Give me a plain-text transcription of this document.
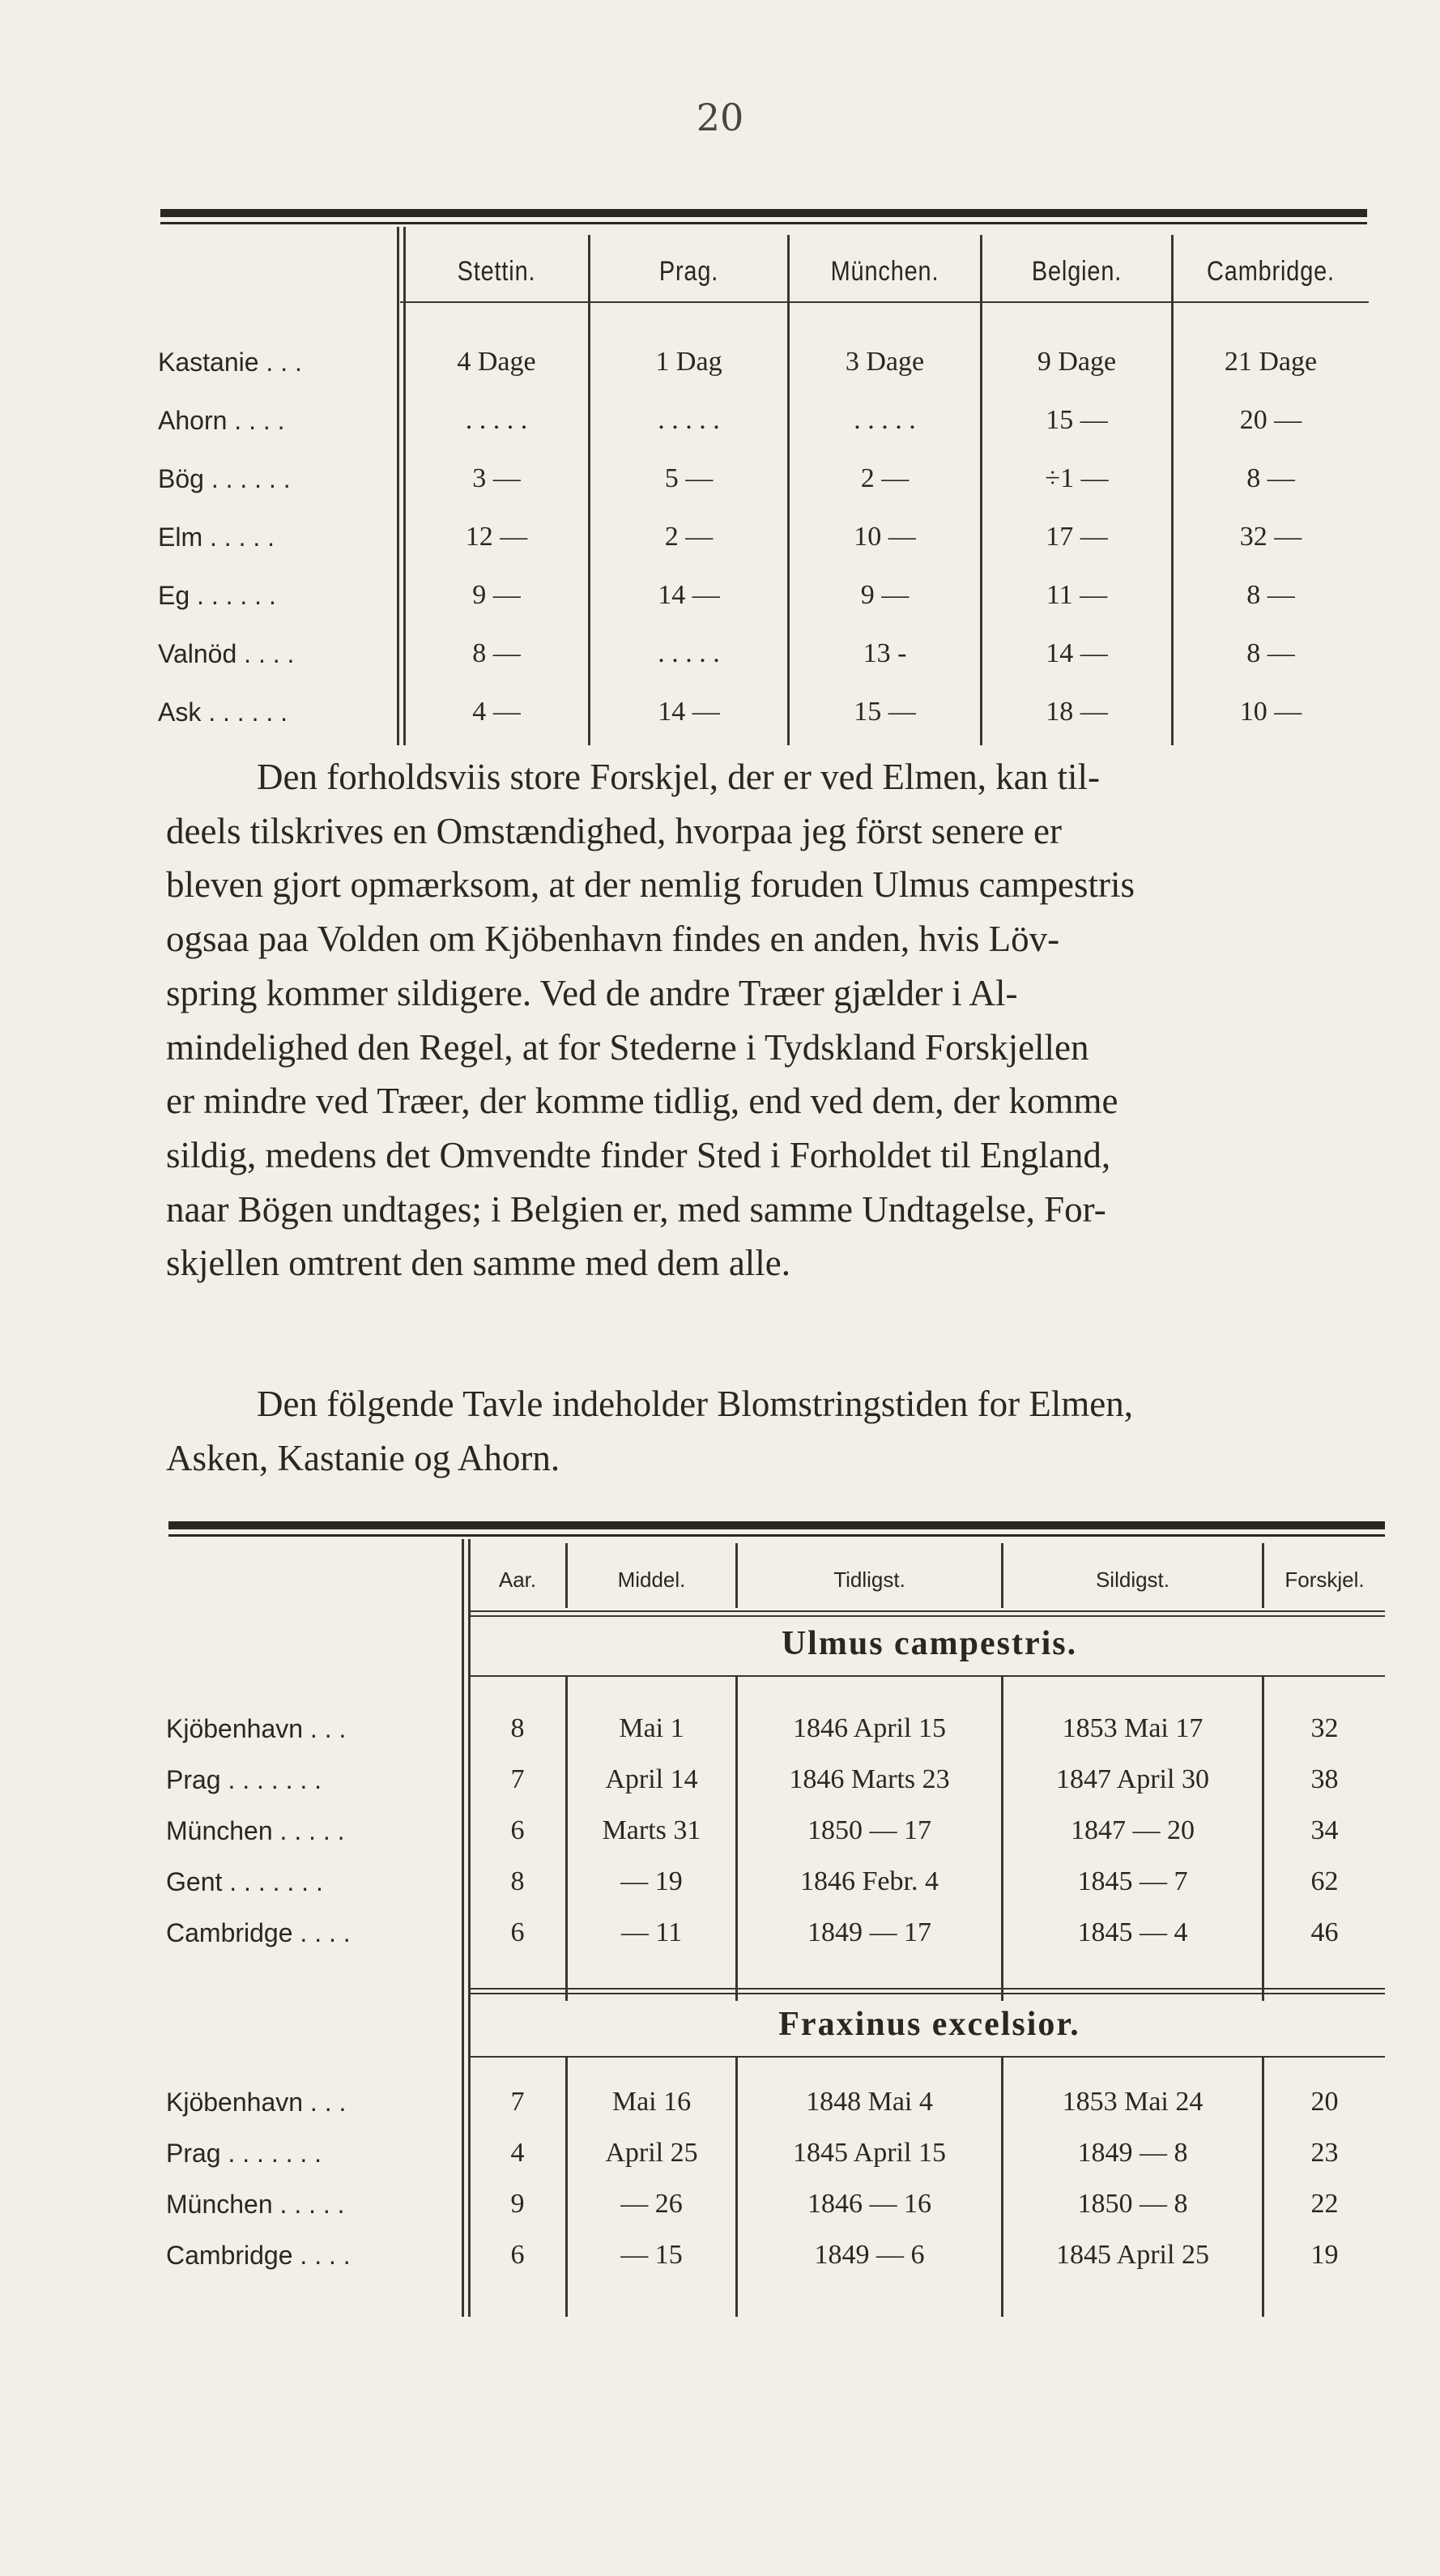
20
Stettin.	Prag.	München.	Belgien.	Cambridge.
Kastanie . . .	4 Dage	1 Dag	3 Dage	9 Dage	21 Dage
Ahorn . . . .	. . . . .	. . . . .	. . . . .	15 —	20 —
Bög . . . . . .	3 —	5 —	2 —	÷1 —	8 —
Elm . . . . .	12 —	2 —	10 —	17 —	32 —
Eg . . . . . .	9 —	14 —	9 —	11 —	8 —
Valnöd . . . .	8 —	. . . . .	13 -	14 —	8 —
Ask . . . . . .	4 —	14 —	15 —	18 —	10 —
Den forholdsviis store Forskjel, der er ved Elmen, kan til-
deels tilskrives en Omstændighed, hvorpaa jeg först senere er
bleven gjort opmærksom, at der nemlig foruden Ulmus campestris
ogsaa paa Volden om Kjöbenhavn findes en anden, hvis Löv-
spring kommer sildigere. Ved de andre Træer gjælder i Al-
mindelighed den Regel, at for Stederne i Tydskland Forskjellen
er mindre ved Træer, der komme tidlig, end ved dem, der komme
sildig, medens det Omvendte finder Sted i Forholdet til England,
naar Bögen undtages; i Belgien er, med samme Undtagelse, For-
skjellen omtrent den samme med dem alle.
Den fölgende Tavle indeholder Blomstringstiden for Elmen,
Asken, Kastanie og Ahorn.
Aar.	Middel.	Tidligst.	Sildigst.	Forskjel.
Ulmus campestris.
Kjöbenhavn . . .	8	Mai 1	1846 April 15	1853 Mai 17	32
Prag . . . . . . .	7	April 14	1846 Marts 23	1847 April 30	38
München . . . . .	6	Marts 31	1850 — 17	1847 — 20	34
Gent . . . . . . .	8	— 19	1846 Febr. 4	1845 — 7	62
Cambridge . . . .	6	— 11	1849 — 17	1845 — 4	46
Fraxinus excelsior.
Kjöbenhavn . . .	7	Mai 16	1848 Mai 4	1853 Mai 24	20
Prag . . . . . . .	4	April 25	1845 April 15	1849 — 8	23
München . . . . .	9	— 26	1846 — 16	1850 — 8	22
Cambridge . . . .	6	— 15	1849 — 6	1845 April 25	19
